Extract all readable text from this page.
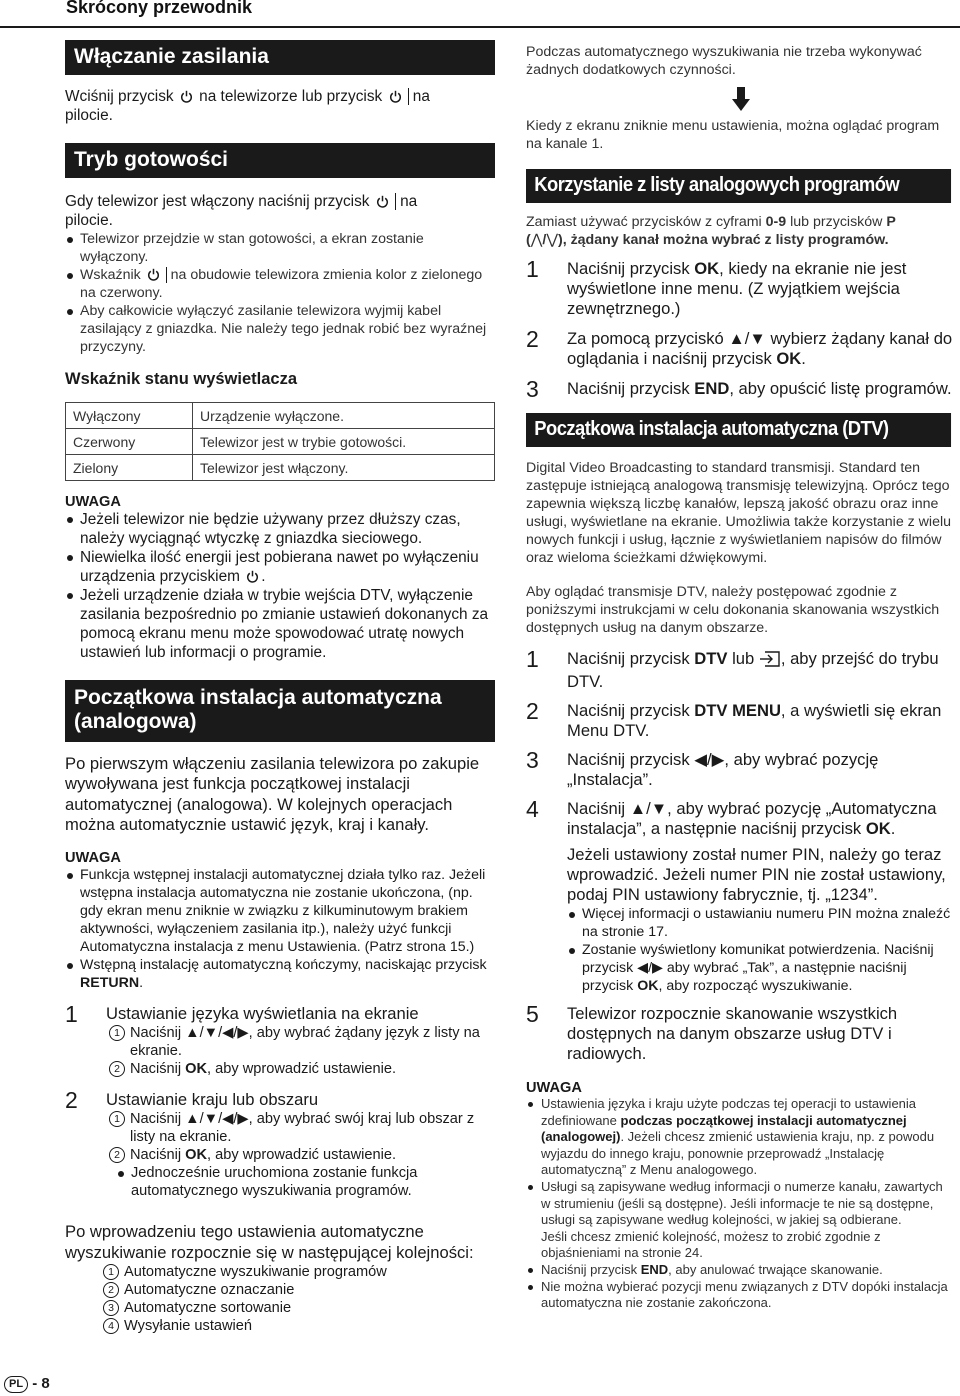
Skrócony przewodnik
Włączanie zasilania

Wciśnij przycisk na telewizorze lub przycisk na
pilocie.

Tryb gotowości

Gdy telewizor jest włączony naciśnij przycisk na
pilocie.

Telewizor przejdzie w stan gotowości, a ekran zostanie wyłączony.
Wskaźnik na obudowie telewizora zmienia kolor z zielonego na czerwony.
Aby całkowicie wyłączyć zasilanie telewizora wyjmij kabel zasilający z gniazdka. Nie należy tego jednak robić bez wyraźnej przyczyny.

Wskaźnik stanu wyświetlacza

Wyłączony	Urządzenie wyłączone.
Czerwony	Telewizor jest w trybie gotowości.
Zielony	Telewizor jest włączony.

UWAGA

Jeżeli telewizor nie będzie używany przez dłuższy czas, należy wyciągnąć wtyczkę z gniazdka sieciowego.
Niewielka ilość energii jest pobierana nawet po wyłączeniu urządzenia przyciskiem .
Jeżeli urządzenie działa w trybie wejścia DTV, wyłączenie zasilania bezpośrednio po zmianie ustawień dokonanych za pomocą ekranu menu może spowodować utratę nowych ustawień lub informacji o programie.
Początkowa instalacja automatyczna
(analogowa)

Po pierwszym włączeniu zasilania telewizora po zakupie wywoływana jest funkcja początkowej instalacji automatycznej (analogowa). W kolejnych operacjach można automatycznie ustawić język, kraj i kanały.

UWAGA

Funkcja wstępnej instalacji automatycznej działa tylko raz. Jeżeli wstępna instalacja automatyczna nie zostanie ukończona, (np. gdy ekran menu zniknie w związku z kilkuminutowym brakiem aktywności, wyłączeniem zasilania itp.), należy użyć funkcji Automatyczna instalacja z menu Ustawienia. (Patrz strona 15.)
Wstępną instalację automatyczną kończymy, naciskając przycisk RETURN.
1 Ustawianie języka wyświetlania na ekranie
1 Naciśnij ▲/▼/◀/▶, aby wybrać żądany język z listy na ekranie.
2 Naciśnij OK, aby wprowadzić ustawienie.
2 Ustawianie kraju lub obszaru
1 Naciśnij ▲/▼/◀/▶, aby wybrać swój kraj lub obszar z listy na ekranie.
2 Naciśnij OK, aby wprowadzić ustawienie.
Jednocześnie uruchomiona zostanie funkcja automatycznego wyszukiwania programów.

Po wprowadzeniu tego ustawienia automatyczne wyszukiwanie rozpocznie się w następującej kolejności:

1 Automatyczne wyszukiwanie programów
2 Automatyczne oznaczanie
3 Automatyczne sortowanie
4 Wysyłanie ustawień

Podczas automatycznego wyszukiwania nie trzeba wykonywać żadnych dodatkowych czynności.

Kiedy z ekranu zniknie menu ustawienia, można oglądać program na kanale 1.

Korzystanie z listy analogowych programów

Zamiast używać przycisków z cyframi 0-9 lub przycisków P
(⋀/⋁), żądany kanał można wybrać z listy programów.

1 Naciśnij przycisk OK, kiedy na ekranie nie jest wyświetlone inne menu. (Z wyjątkiem wejścia zewnętrznego.)
2 Za pomocą przyciskó ▲/▼ wybierz żądany kanał do oglądania i naciśnij przycisk OK.
3 Naciśnij przycisk END, aby opuścić listę programów.
Początkowa instalacja automatyczna (DTV)

Digital Video Broadcasting to standard transmisji. Standard ten zastępuje istniejącą analogową transmisję telewizyjną. Oprócz tego zapewnia większą liczbę kanałów, lepszą jakość obrazu oraz inne usługi, wyświetlane na ekranie. Umożliwia także korzystanie z wielu nowych funkcji i usług, łącznie z wyświetlaniem napisów do filmów oraz wieloma ścieżkami dźwiękowymi.

Aby oglądać transmisje DTV, należy postępować zgodnie z poniższymi instrukcjami w celu dokonania skanowania wszystkich dostępnych usług na danym obszarze.

1 Naciśnij przycisk DTV lub , aby przejść do trybu DTV.
2 Naciśnij przycisk DTV MENU, a wyświetli się ekran Menu DTV.
3 Naciśnij przycisk ◀/▶, aby wybrać pozycję „Instalacja”.
4 Naciśnij ▲/▼, aby wybrać pozycję „Automatyczna instalacja”, a następnie naciśnij przycisk OK.
Jeżeli ustawiony został numer PIN, należy go teraz wprowadzić. Jeżeli numer PIN nie został ustawiony, podaj PIN ustawiony fabrycznie, tj. „1234”.
Więcej informacji o ustawianiu numeru PIN można znaleźć na stronie 17.
Zostanie wyświetlony komunikat potwierdzenia. Naciśnij przycisk ◀/▶ aby wybrać „Tak”, a następnie naciśnij przycisk OK, aby rozpocząć wyszukiwanie.
5 Telewizor rozpocznie skanowanie wszystkich dostępnych na danym obszarze usług DTV i radiowych.

UWAGA

Ustawienia języka i kraju użyte podczas tej operacji to ustawienia zdefiniowane podczas początkowej instalacji automatycznej (analogowej). Jeżeli chcesz zmienić ustawienia kraju, np. z powodu wyjazdu do innego kraju, ponownie przeprowadź „Instalację automatyczną” z Menu analogowego.
Usługi są zapisywane według informacji o numerze kanału, zawartych w strumieniu (jeśli są dostępne). Jeśli informacje te nie są dostępne, usługi są zapisywane według kolejności, w jakiej są odbierane.
Jeśli chcesz zmienić kolejność, możesz to zrobić zgodnie z objaśnieniami na stronie 24.
Naciśnij przycisk END, aby anulować trwające skanowanie.
Nie można wybierać pozycji menu związanych z DTV dopóki instalacja automatyczna nie zostanie zakończona.
PL - 8
